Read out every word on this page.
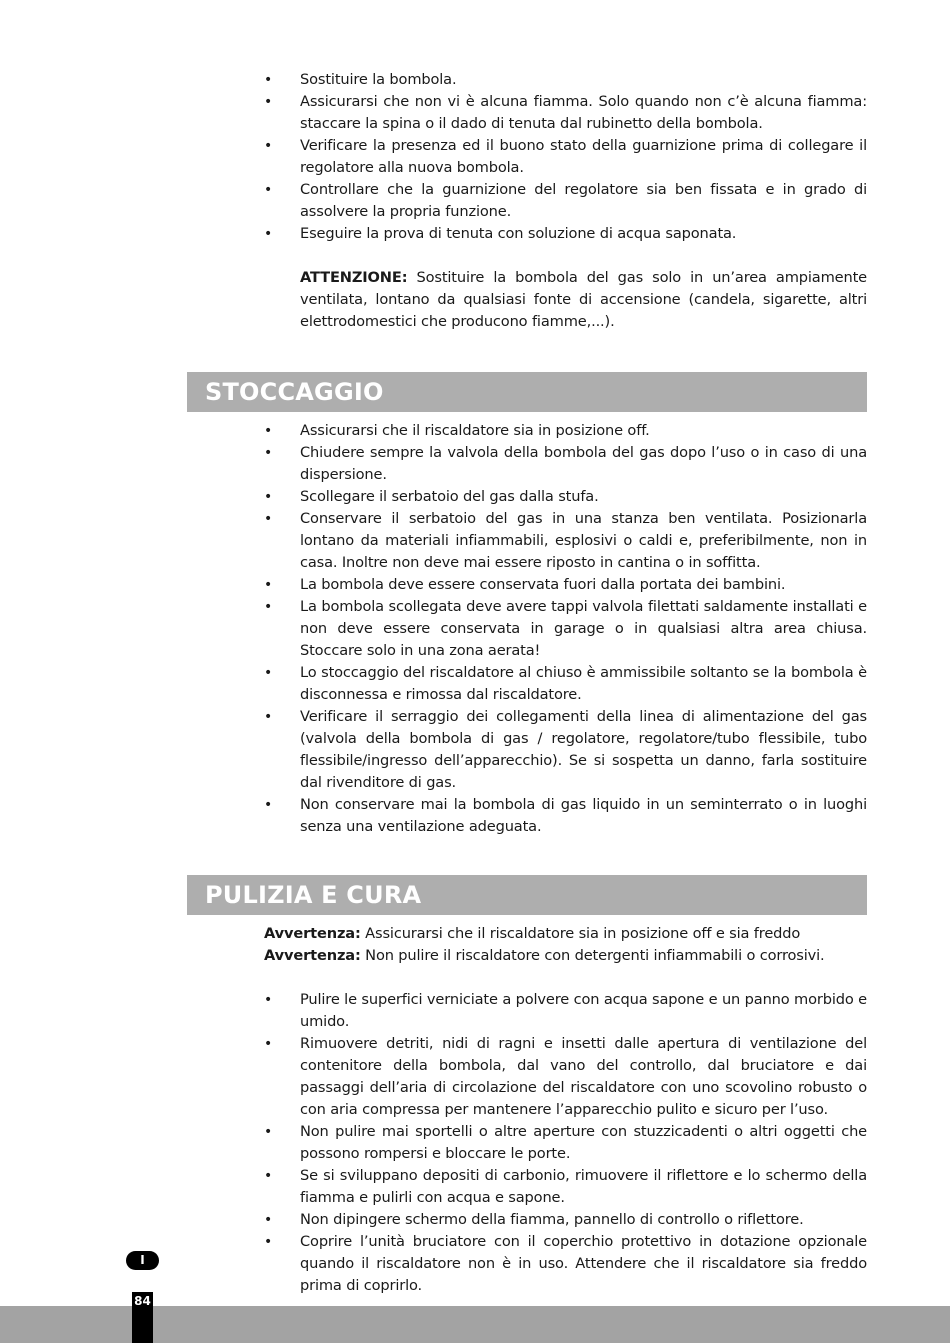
• Sostituire la bombola.
• Assicurarsi che non vi è alcuna fiamma. Solo quando non c’è alcuna fiamma: staccare la spina o il dado di tenuta dal rubinetto della bombola.
• Verificare la presenza ed il buono stato della guarnizione prima di collegare il regolatore alla nuova bombola.
• Controllare che la guarnizione del regolatore sia ben fissata e in grado di assolvere la propria funzione.
• Eseguire la prova di tenuta con soluzione di acqua saponata.
ATTENZIONE: Sostituire la bombola del gas solo in un’area ampiamente ventilata, lontano da qualsiasi fonte di accensione (candela, sigarette, altri elettrodomestici che producono fiamme,...).
STOCCAGGIO
• Assicurarsi che il riscaldatore sia in posizione off.
• Chiudere sempre la valvola della bombola del gas dopo l’uso o in caso di una dispersione.
• Scollegare il serbatoio del gas dalla stufa.
• Conservare il serbatoio del gas in una stanza ben ventilata. Posizionarla lontano da materiali infiammabili, esplosivi o caldi e, preferibilmente, non in casa. Inoltre non deve mai essere riposto in cantina o in soffitta.
• La bombola deve essere conservata fuori dalla portata dei bambini.
• La bombola scollegata deve avere tappi valvola filettati saldamente installati e non deve essere conservata in garage o in qualsiasi altra area chiusa. Stoccare solo in una zona aerata!
• Lo stoccaggio del riscaldatore al chiuso è ammissibile soltanto se la bombola è disconnessa e rimossa dal riscaldatore.
• Verificare il serraggio dei collegamenti della linea di alimentazione del gas (valvola della bombola di gas / regolatore, regolatore/tubo flessibile, tubo flessibile/ingresso dell’apparecchio). Se si sospetta un danno, farla sostituire dal rivenditore di gas.
• Non conservare mai la bombola di gas liquido in un seminterrato o in luoghi senza una ventilazione adeguata.
PULIZIA E CURA
Avvertenza: Assicurarsi che il riscaldatore sia in posizione off e sia freddo
Avvertenza: Non pulire il riscaldatore con detergenti infiammabili o corrosivi.
• Pulire le superfici verniciate a polvere con acqua sapone e un panno morbido e umido.
• Rimuovere detriti, nidi di ragni e insetti dalle apertura di ventilazione del contenitore della bombola, dal vano del controllo, dal bruciatore e dai passaggi dell’aria di circolazione del riscaldatore con uno scovolino robusto o con aria compressa per mantenere l’apparecchio pulito e sicuro per l’uso.
• Non pulire mai sportelli o altre aperture con stuzzicadenti o altri oggetti che possono rompersi e bloccare le porte.
• Se si sviluppano depositi di carbonio, rimuovere il riflettore e lo schermo della fiamma e pulirli con acqua e sapone.
• Non dipingere schermo della fiamma, pannello di controllo o riflettore.
• Coprire l’unità bruciatore con il coperchio protettivo in dotazione opzionale quando il riscaldatore non è in uso. Attendere che il riscaldatore sia freddo prima di coprirlo.
I
84
